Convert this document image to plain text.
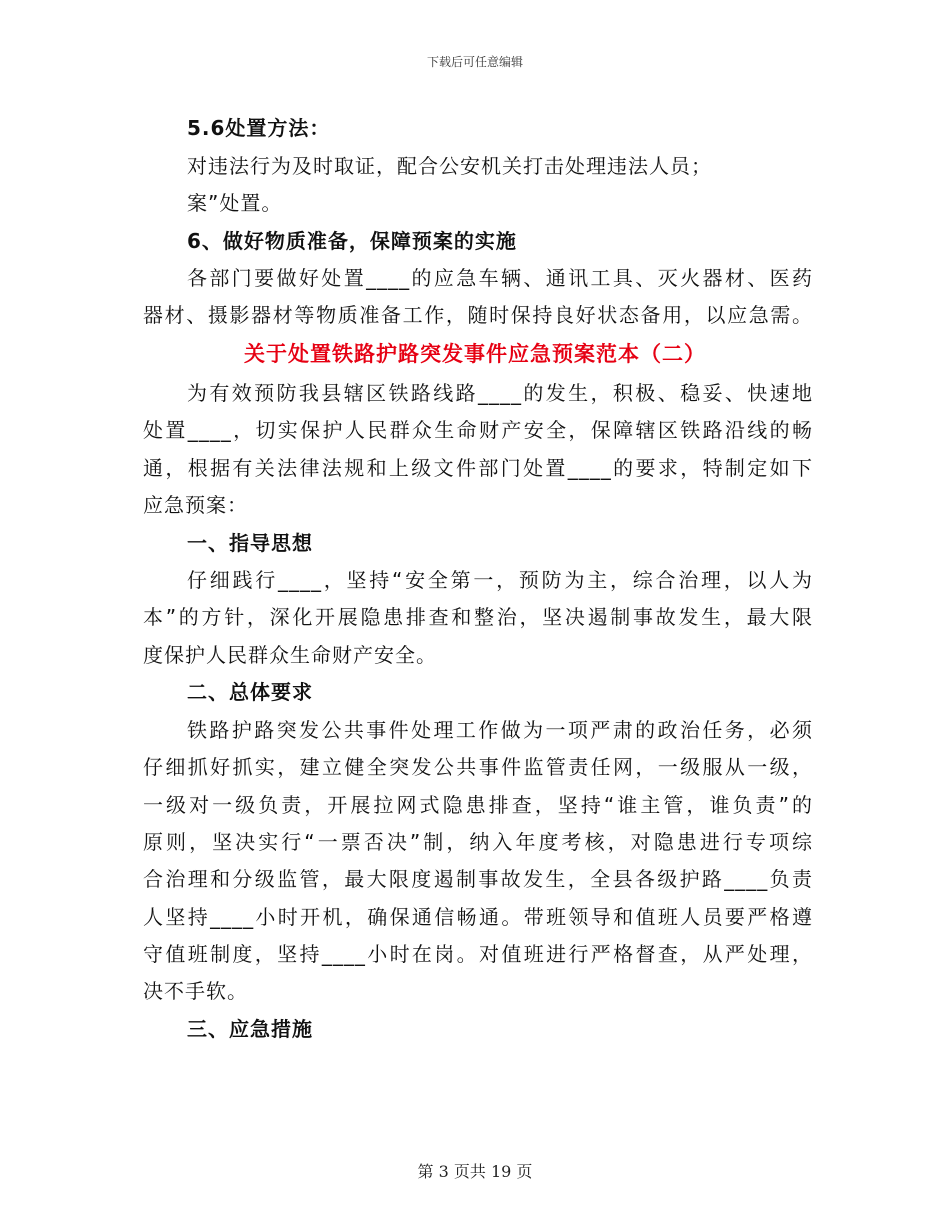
下载后可任意编辑

5.6处置方法：

对违法行为及时取证，配合公安机关打击处理违法人员；

案”处置。

6、做好物质准备，保障预案的实施

各部门要做好处置____的应急车辆、通讯工具、灭火器材、医药

器材、摄影器材等物质准备工作，随时保持良好状态备用，以应急需。

关于处置铁路护路突发事件应急预案范本（二）

为有效预防我县辖区铁路线路____的发生，积极、稳妥、快速地

处置____，切实保护人民群众生命财产安全，保障辖区铁路沿线的畅

通，根据有关法律法规和上级文件部门处置____的要求，特制定如下

应急预案：

一、指导思想

仔细践行____，坚持“安全第一，预防为主，综合治理，以人为

本”的方针，深化开展隐患排查和整治，坚决遏制事故发生，最大限

度保护人民群众生命财产安全。

二、总体要求

铁路护路突发公共事件处理工作做为一项严肃的政治任务，必须

仔细抓好抓实，建立健全突发公共事件监管责任网，一级服从一级，

一级对一级负责，开展拉网式隐患排查，坚持“谁主管，谁负责”的

原则，坚决实行“一票否决”制，纳入年度考核，对隐患进行专项综

合治理和分级监管，最大限度遏制事故发生，全县各级护路____负责

人坚持____小时开机，确保通信畅通。带班领导和值班人员要严格遵

守值班制度，坚持____小时在岗。对值班进行严格督查，从严处理，

决不手软。

三、应急措施

第 3 页共 19 页
